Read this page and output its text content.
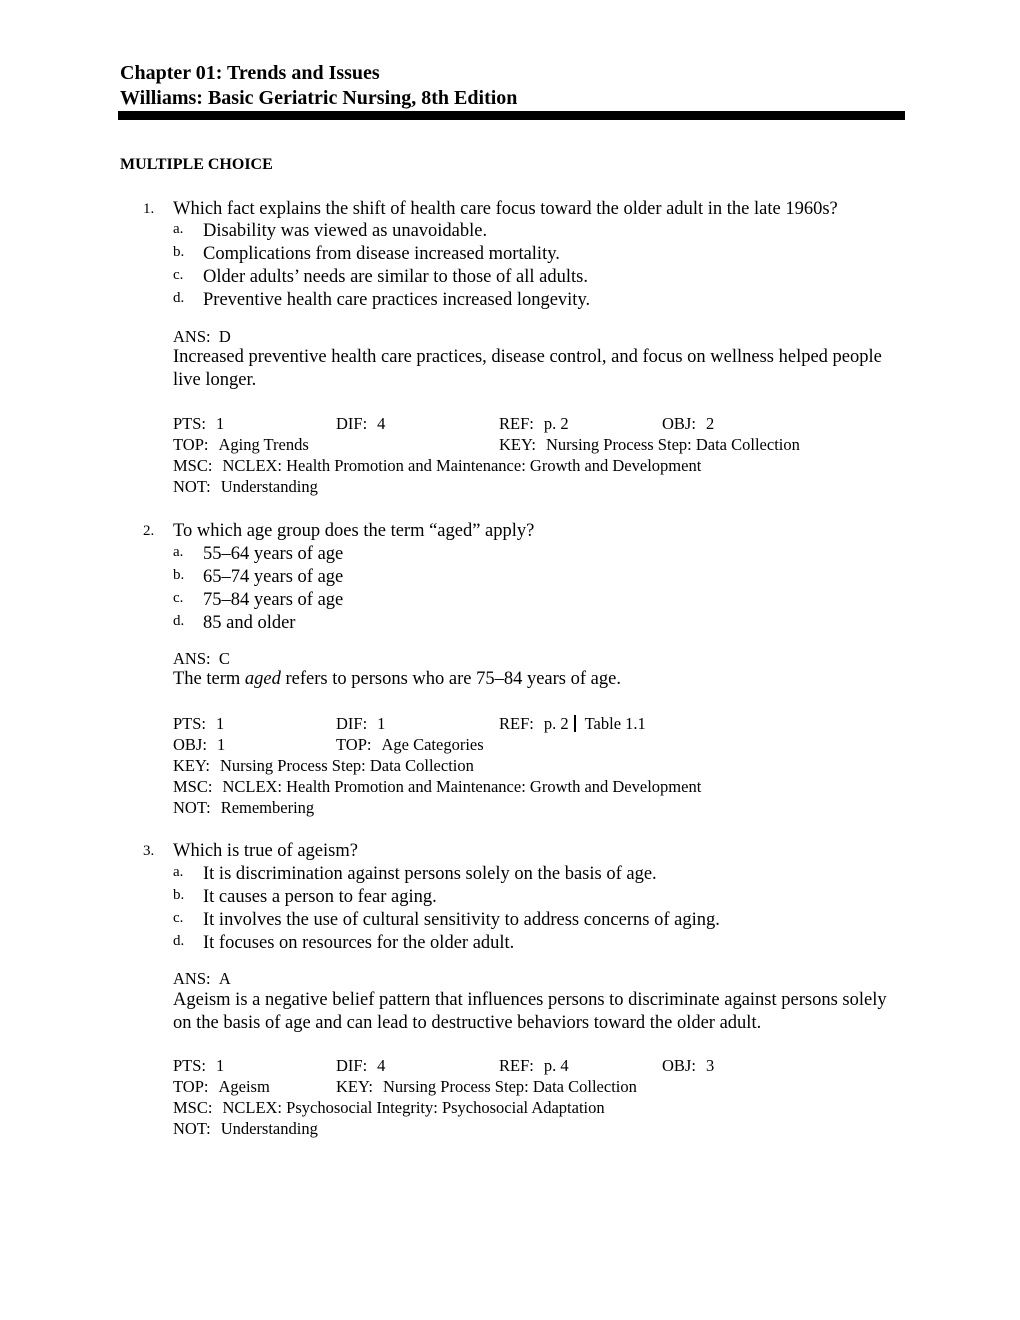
Chapter 01: Trends and Issues
Williams: Basic Geriatric Nursing, 8th Edition
MULTIPLE CHOICE
1. Which fact explains the shift of health care focus toward the older adult in the late 1960s?
a. Disability was viewed as unavoidable.
b. Complications from disease increased mortality.
c. Older adults’ needs are similar to those of all adults.
d. Preventive health care practices increased longevity.
ANS: D
Increased preventive health care practices, disease control, and focus on wellness helped people live longer.
PTS: 1	DIF: 4	REF: p. 2	OBJ: 2
TOP: Aging Trends	KEY: Nursing Process Step: Data Collection
MSC: NCLEX: Health Promotion and Maintenance: Growth and Development
NOT: Understanding
2. To which age group does the term “aged” apply?
a. 55–64 years of age
b. 65–74 years of age
c. 75–84 years of age
d. 85 and older
ANS: C
The term aged refers to persons who are 75–84 years of age.
PTS: 1	DIF: 1	REF: p. 2 Table 1.1
OBJ: 1	TOP: Age Categories
KEY: Nursing Process Step: Data Collection
MSC: NCLEX: Health Promotion and Maintenance: Growth and Development
NOT: Remembering
3. Which is true of ageism?
a. It is discrimination against persons solely on the basis of age.
b. It causes a person to fear aging.
c. It involves the use of cultural sensitivity to address concerns of aging.
d. It focuses on resources for the older adult.
ANS: A
Ageism is a negative belief pattern that influences persons to discriminate against persons solely on the basis of age and can lead to destructive behaviors toward the older adult.
PTS: 1	DIF: 4	REF: p. 4	OBJ: 3
TOP: Ageism	KEY: Nursing Process Step: Data Collection
MSC: NCLEX: Psychosocial Integrity: Psychosocial Adaptation
NOT: Understanding
